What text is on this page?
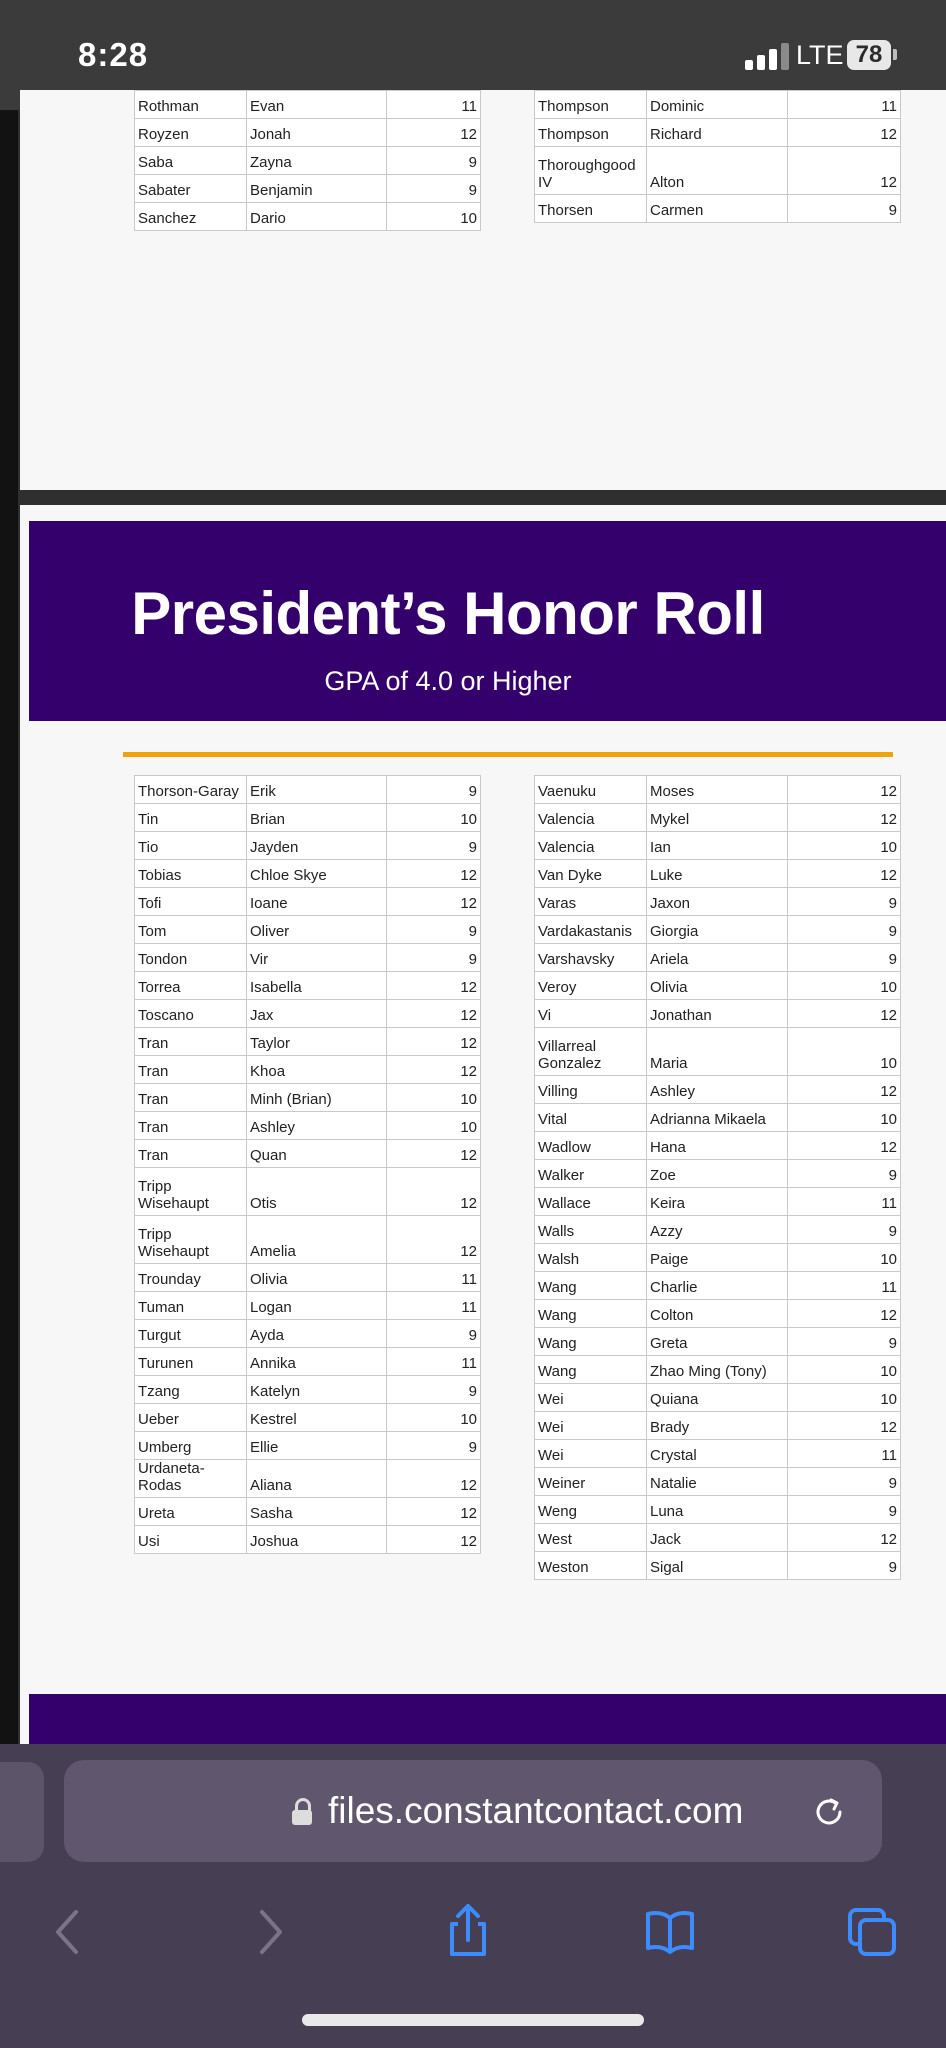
8:28	LTE 78
Rothman	Evan	11
Royzen	Jonah	12
Saba	Zayna	9
Sabater	Benjamin	9
Sanchez	Dario	10
Thompson	Dominic	11
Thompson	Richard	12
Thoroughgood IV	Alton	12
Thorsen	Carmen	9
President’s Honor Roll
GPA of 4.0 or Higher
Thorson-Garay	Erik	9
Tin	Brian	10
Tio	Jayden	9
Tobias	Chloe Skye	12
Tofi	Ioane	12
Tom	Oliver	9
Tondon	Vir	9
Torrea	Isabella	12
Toscano	Jax	12
Tran	Taylor	12
Tran	Khoa	12
Tran	Minh (Brian)	10
Tran	Ashley	10
Tran	Quan	12
Tripp Wisehaupt	Otis	12
Tripp Wisehaupt	Amelia	12
Trounday	Olivia	11
Tuman	Logan	11
Turgut	Ayda	9
Turunen	Annika	11
Tzang	Katelyn	9
Ueber	Kestrel	10
Umberg	Ellie	9
Urdaneta-Rodas	Aliana	12
Ureta	Sasha	12
Usi	Joshua	12
Vaenuku	Moses	12
Valencia	Mykel	12
Valencia	Ian	10
Van Dyke	Luke	12
Varas	Jaxon	9
Vardakastanis	Giorgia	9
Varshavsky	Ariela	9
Veroy	Olivia	10
Vi	Jonathan	12
Villarreal Gonzalez	Maria	10
Villing	Ashley	12
Vital	Adrianna Mikaela	10
Wadlow	Hana	12
Walker	Zoe	9
Wallace	Keira	11
Walls	Azzy	9
Walsh	Paige	10
Wang	Charlie	11
Wang	Colton	12
Wang	Greta	9
Wang	Zhao Ming (Tony)	10
Wei	Quiana	10
Wei	Brady	12
Wei	Crystal	11
Weiner	Natalie	9
Weng	Luna	9
West	Jack	12
Weston	Sigal	9
files.constantcontact.com
